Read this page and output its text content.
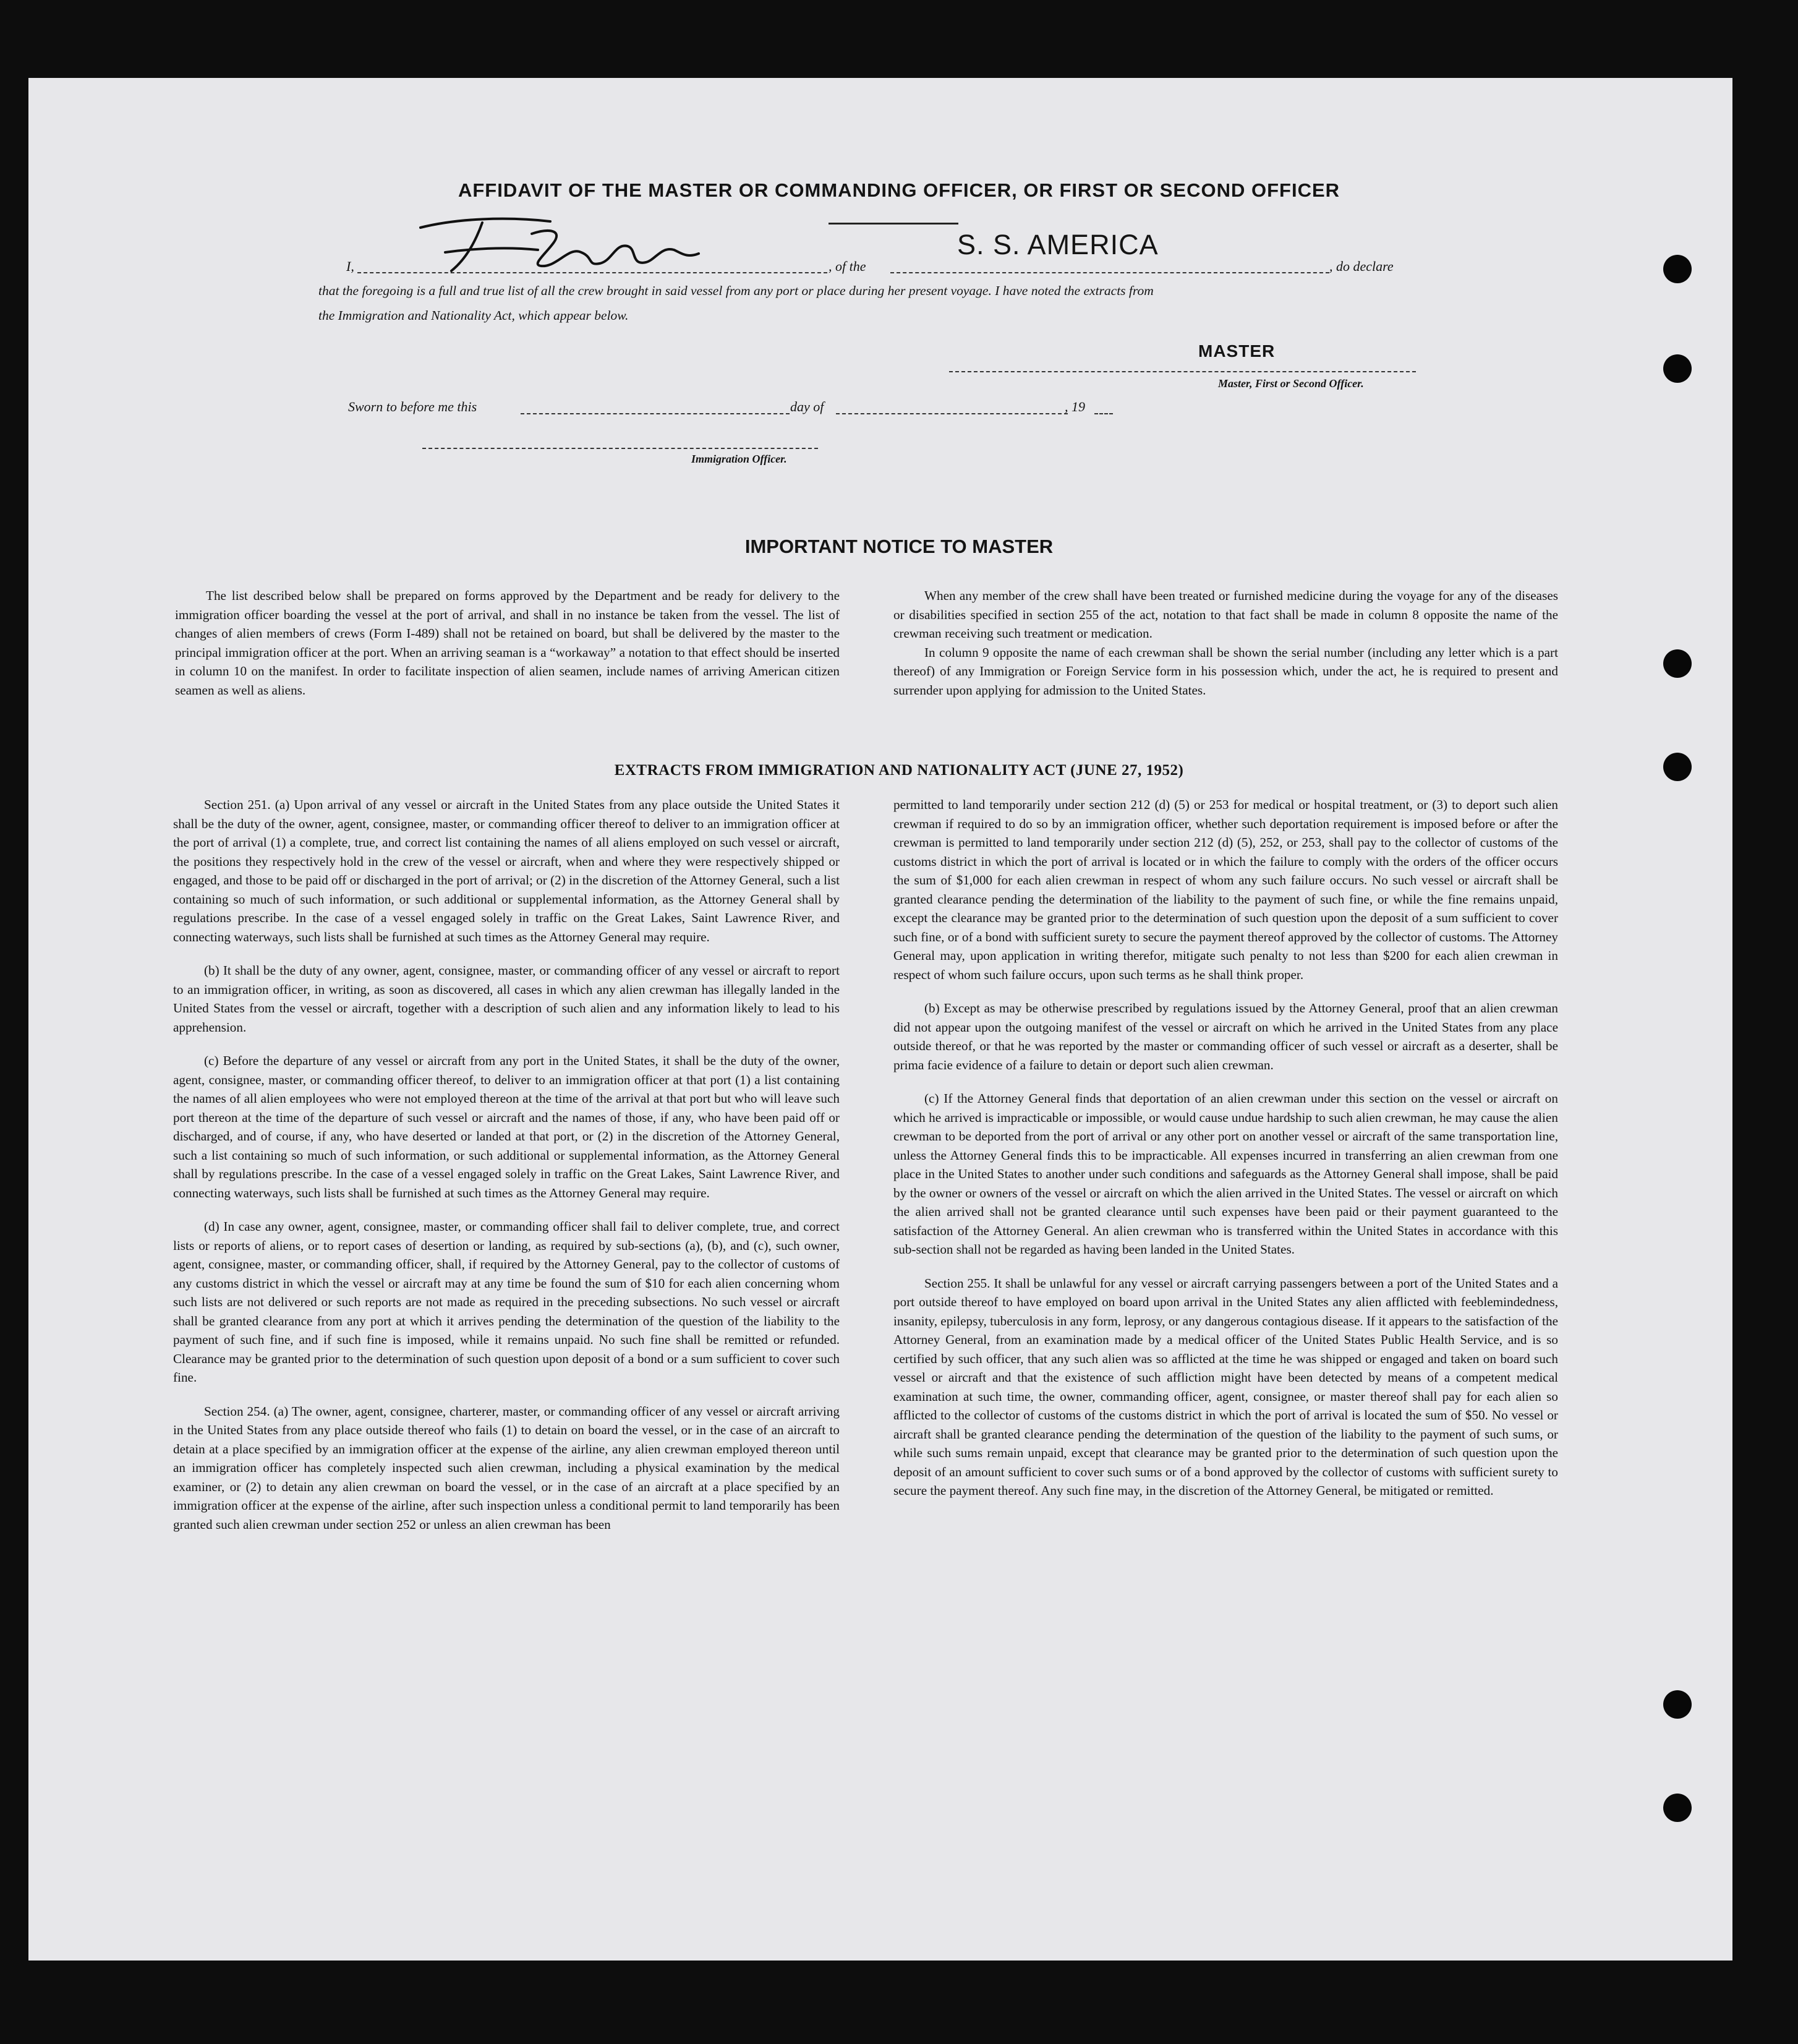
AFFIDAVIT OF THE MASTER OR COMMANDING OFFICER, OR FIRST OR SECOND OFFICER
I,	, of the
S. S. AMERICA
, do declare
that the foregoing is a full and true list of all the crew brought in said vessel from any port or place during her present voyage. I have noted the extracts from
the Immigration and Nationality Act, which appear below.
MASTER
Master, First or Second Officer.
Sworn to before me this	day of	, 19
Immigration Officer.
IMPORTANT NOTICE TO MASTER

The list described below shall be prepared on forms approved by the Department and be ready for delivery to the immigration officer boarding the vessel at the port of arrival, and shall in no instance be taken from the vessel. The list of changes of alien members of crews (Form I-489) shall not be retained on board, but shall be delivered by the master to the principal immigration officer at the port. When an arriving seaman is a “workaway” a notation to that effect should be inserted in column 10 on the manifest. In order to facilitate inspection of alien seamen, include names of arriving American citizen seamen as well as aliens.

When any member of the crew shall have been treated or furnished medicine during the voyage for any of the diseases or disabilities specified in section 255 of the act, notation to that fact shall be made in column 8 opposite the name of the crewman receiving such treatment or medication.

In column 9 opposite the name of each crewman shall be shown the serial number (including any letter which is a part thereof) of any Immigration or Foreign Service form in his possession which, under the act, he is required to present and surrender upon applying for admission to the United States.

EXTRACTS FROM IMMIGRATION AND NATIONALITY ACT (JUNE 27, 1952)

Section 251. (a) Upon arrival of any vessel or aircraft in the United States from any place outside the United States it shall be the duty of the owner, agent, consignee, master, or commanding officer thereof to deliver to an immigration officer at the port of arrival (1) a complete, true, and correct list containing the names of all aliens employed on such vessel or aircraft, the positions they respectively hold in the crew of the vessel or aircraft, when and where they were respectively shipped or engaged, and those to be paid off or discharged in the port of arrival; or (2) in the discretion of the Attorney General, such a list containing so much of such information, or such additional or supplemental information, as the Attorney General shall by regulations prescribe. In the case of a vessel engaged solely in traffic on the Great Lakes, Saint Lawrence River, and connecting waterways, such lists shall be furnished at such times as the Attorney General may require.

(b) It shall be the duty of any owner, agent, consignee, master, or commanding officer of any vessel or aircraft to report to an immigration officer, in writing, as soon as discovered, all cases in which any alien crewman has illegally landed in the United States from the vessel or aircraft, together with a description of such alien and any information likely to lead to his apprehension.

(c) Before the departure of any vessel or aircraft from any port in the United States, it shall be the duty of the owner, agent, consignee, master, or commanding officer thereof, to deliver to an immigration officer at that port (1) a list containing the names of all alien employees who were not employed thereon at the time of the arrival at that port but who will leave such port thereon at the time of the departure of such vessel or aircraft and the names of those, if any, who have been paid off or discharged, and of course, if any, who have deserted or landed at that port, or (2) in the discretion of the Attorney General, such a list containing so much of such information, or such additional or supplemental information, as the Attorney General shall by regulations prescribe. In the case of a vessel engaged solely in traffic on the Great Lakes, Saint Lawrence River, and connecting waterways, such lists shall be furnished at such times as the Attorney General may require.

(d) In case any owner, agent, consignee, master, or commanding officer shall fail to deliver complete, true, and correct lists or reports of aliens, or to report cases of desertion or landing, as required by sub-sections (a), (b), and (c), such owner, agent, consignee, master, or commanding officer, shall, if required by the Attorney General, pay to the collector of customs of any customs district in which the vessel or aircraft may at any time be found the sum of $10 for each alien concerning whom such lists are not delivered or such reports are not made as required in the preceding subsections. No such vessel or aircraft shall be granted clearance from any port at which it arrives pending the determination of the question of the liability to the payment of such fine, and if such fine is imposed, while it remains unpaid. No such fine shall be remitted or refunded. Clearance may be granted prior to the determination of such question upon deposit of a bond or a sum sufficient to cover such fine.

Section 254. (a) The owner, agent, consignee, charterer, master, or commanding officer of any vessel or aircraft arriving in the United States from any place outside thereof who fails (1) to detain on board the vessel, or in the case of an aircraft to detain at a place specified by an immigration officer at the expense of the airline, any alien crewman employed thereon until an immigration officer has completely inspected such alien crewman, including a physical examination by the medical examiner, or (2) to detain any alien crewman on board the vessel, or in the case of an aircraft at a place specified by an immigration officer at the expense of the airline, after such inspection unless a conditional permit to land temporarily has been granted such alien crewman under section 252 or unless an alien crewman has been

permitted to land temporarily under section 212 (d) (5) or 253 for medical or hospital treatment, or (3) to deport such alien crewman if required to do so by an immigration officer, whether such deportation requirement is imposed before or after the crewman is permitted to land temporarily under section 212 (d) (5), 252, or 253, shall pay to the collector of customs of the customs district in which the port of arrival is located or in which the failure to comply with the orders of the officer occurs the sum of $1,000 for each alien crewman in respect of whom any such failure occurs. No such vessel or aircraft shall be granted clearance pending the determination of the liability to the payment of such fine, or while the fine remains unpaid, except the clearance may be granted prior to the determination of such question upon the deposit of a sum sufficient to cover such fine, or of a bond with sufficient surety to secure the payment thereof approved by the collector of customs. The Attorney General may, upon application in writing therefor, mitigate such penalty to not less than $200 for each alien crewman in respect of whom such failure occurs, upon such terms as he shall think proper.

(b) Except as may be otherwise prescribed by regulations issued by the Attorney General, proof that an alien crewman did not appear upon the outgoing manifest of the vessel or aircraft on which he arrived in the United States from any place outside thereof, or that he was reported by the master or commanding officer of such vessel or aircraft as a deserter, shall be prima facie evidence of a failure to detain or deport such alien crewman.

(c) If the Attorney General finds that deportation of an alien crewman under this section on the vessel or aircraft on which he arrived is impracticable or impossible, or would cause undue hardship to such alien crewman, he may cause the alien crewman to be deported from the port of arrival or any other port on another vessel or aircraft of the same transportation line, unless the Attorney General finds this to be impracticable. All expenses incurred in transferring an alien crewman from one place in the United States to another under such conditions and safeguards as the Attorney General shall impose, shall be paid by the owner or owners of the vessel or aircraft on which the alien arrived in the United States. The vessel or aircraft on which the alien arrived shall not be granted clearance until such expenses have been paid or their payment guaranteed to the satisfaction of the Attorney General. An alien crewman who is transferred within the United States in accordance with this sub-section shall not be regarded as having been landed in the United States.

Section 255. It shall be unlawful for any vessel or aircraft carrying passengers between a port of the United States and a port outside thereof to have employed on board upon arrival in the United States any alien afflicted with feeblemindedness, insanity, epilepsy, tuberculosis in any form, leprosy, or any dangerous contagious disease. If it appears to the satisfaction of the Attorney General, from an examination made by a medical officer of the United States Public Health Service, and is so certified by such officer, that any such alien was so afflicted at the time he was shipped or engaged and taken on board such vessel or aircraft and that the existence of such affliction might have been detected by means of a competent medical examination at such time, the owner, commanding officer, agent, consignee, or master thereof shall pay for each alien so afflicted to the collector of customs of the customs district in which the port of arrival is located the sum of $50. No vessel or aircraft shall be granted clearance pending the determination of the question of the liability to the payment of such sums, or while such sums remain unpaid, except that clearance may be granted prior to the determination of such question upon the deposit of an amount sufficient to cover such sums or of a bond approved by the collector of customs with sufficient surety to secure the payment thereof. Any such fine may, in the discretion of the Attorney General, be mitigated or remitted.
